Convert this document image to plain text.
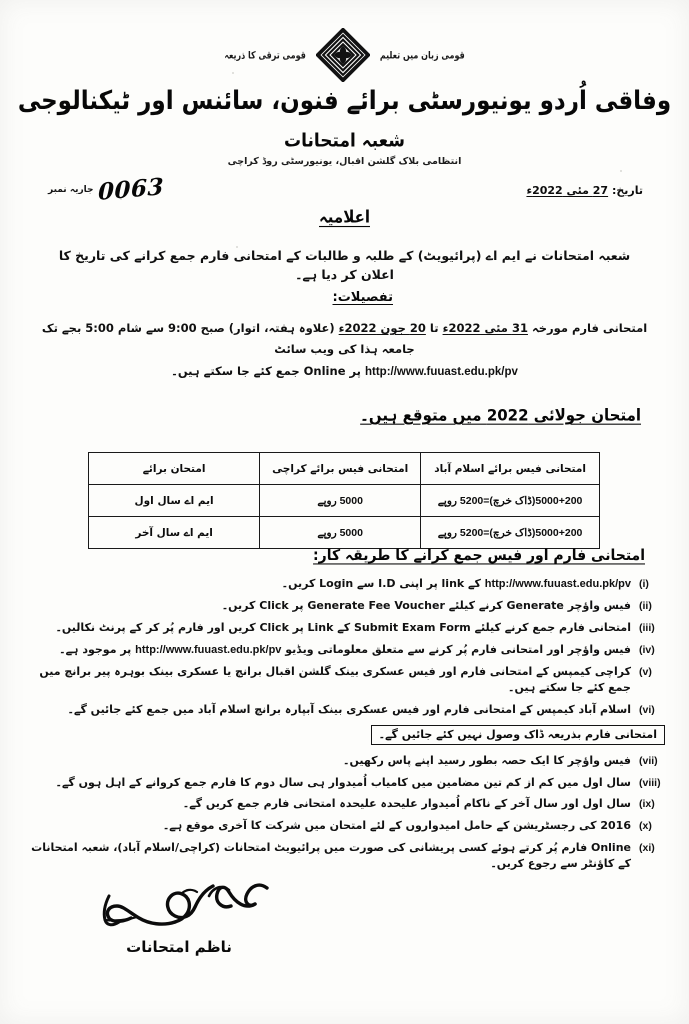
قومی زبان میں تعلیم
قومی ترقی کا ذریعہ
وفاقی اُردو یونیورسٹی برائے فنون، سائنس اور ٹیکنالوجی
شعبہ امتحانات
انتظامی بلاک گلشن اقبال، یونیورسٹی روڈ کراچی
جاریہ نمبر 0063	تاریخ: 27 مئی 2022ء
اعلامیہ
شعبہ امتحانات نے ایم اے (پرائیویٹ) کے طلبہ و طالبات کے امتحانی فارم جمع کرانے کی تاریخ کا اعلان کر دیا ہے۔
تفصیلات:
امتحانی فارم مورخہ 31 مئی 2022ء تا 20 جون 2022ء (علاوہ ہفتہ، اتوار) صبح 9:00 سے شام 5:00 بجے تک جامعہ ہذا کی ویب سائٹ
http://www.fuuast.edu.pk/pv پر Online جمع کئے جا سکتے ہیں۔
امتحان جولائی 2022 میں متوقع ہیں۔
امتحانی فیس برائے اسلام آباد	امتحانی فیس برائے کراچی	امتحان برائے
5000+200(ڈاک خرچ)=5200 روپے	5000 روپے	ایم اے سال اول
5000+200(ڈاک خرچ)=5200 روپے	5000 روپے	ایم اے سال آخر
امتحانی فارم اور فیس جمع کرانے کا طریقہ کار:
(i)
http://www.fuuast.edu.pk/pv کے link پر اپنی I.D سے Login کریں۔
(ii)
فیس واؤچر Generate کرنے کیلئے Generate Fee Voucher پر Click کریں۔
(iii)
امتحانی فارم جمع کرنے کیلئے Submit Exam Form کے Link پر Click کریں اور فارم پُر کر کے پرنٹ نکالیں۔
(iv)
فیس واؤچر اور امتحانی فارم پُر کرنے سے متعلق معلوماتی ویڈیو http://www.fuuast.edu.pk/pv پر موجود ہے۔
(v)
کراچی کیمپس کے امتحانی فارم اور فیس عسکری بینک گلشن اقبال برانچ یا عسکری بینک بوہرہ پیر برانچ میں جمع کئے جا سکتے ہیں۔
(vi)
اسلام آباد کیمپس کے امتحانی فارم اور فیس عسکری بینک آبپارہ برانچ اسلام آباد میں جمع کئے جائیں گے۔
امتحانی فارم بذریعہ ڈاک وصول نہیں کئے جائیں گے۔
(vii)
فیس واؤچر کا ایک حصہ بطور رسید اپنے پاس رکھیں۔
(viii)
سال اول میں کم از کم تین مضامین میں کامیاب اُمیدوار ہی سال دوم کا فارم جمع کروانے کے اہل ہوں گے۔
(ix)
سال اول اور سال آخر کے ناکام اُمیدوار علیحدہ علیحدہ امتحانی فارم جمع کریں گے۔
(x)
2016 کی رجسٹریشن کے حامل امیدواروں کے لئے امتحان میں شرکت کا آخری موقع ہے۔
(xi)
Online فارم پُر کرتے ہوئے کسی پریشانی کی صورت میں پرائیویٹ امتحانات (کراچی/اسلام آباد)، شعبہ امتحانات کے کاؤنٹر سے رجوع کریں۔
ناظم امتحانات
